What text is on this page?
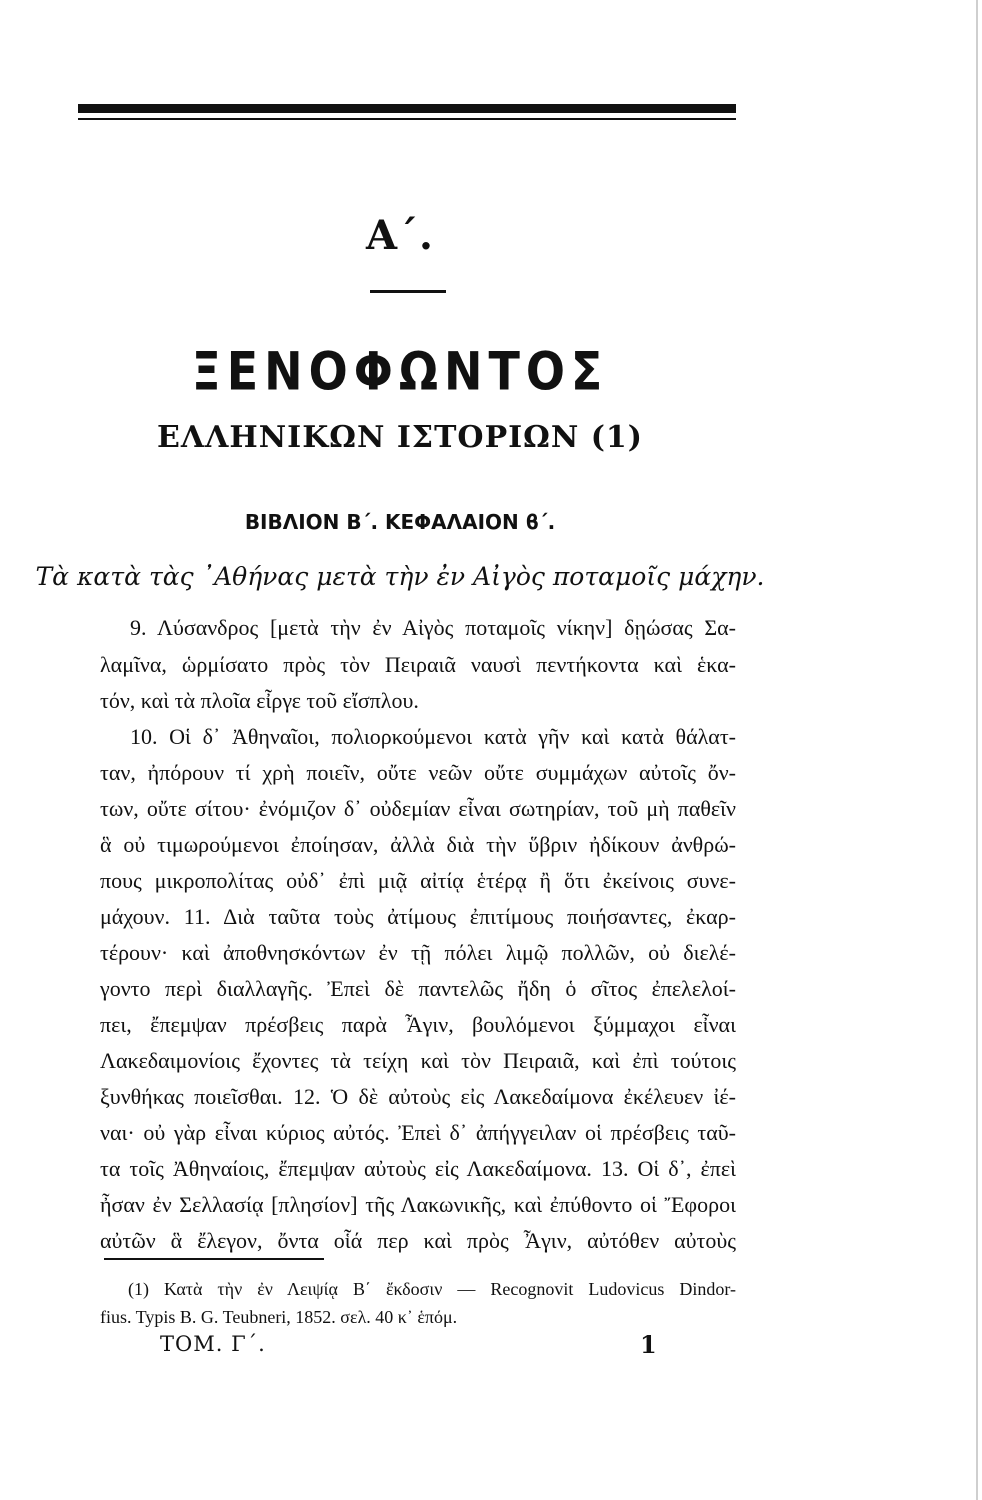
Α΄.
ΞΕΝΟΦΩΝΤΟΣ
ΕΛΛΗΝΙΚΩΝ ΙΣΤΟΡΙΩΝ (1)
ΒΙΒΛΙΟΝ Β΄. ΚΕΦΑΛΑΙΟΝ ϐ΄.
Τὰ κατὰ τὰς ᾿Αθήνας μετὰ τὴν ἐν Αἰγὸς ποταμοῖς μάχην.
9. Λύσανδρος [μετὰ τὴν ἐν Αἰγὸς ποταμοῖς νίκην] δῃώσας Σα-
λαμῖνα, ὡρμίσατο πρὸς τὸν Πειραιᾶ ναυσὶ πεντήκοντα καὶ ἑκα-
τόν, καὶ τὰ πλοῖα εἶργε τοῦ εἴσπλου.
10. Οἱ δ᾿ Ἀθηναῖοι, πολιορκούμενοι κατὰ γῆν καὶ κατὰ θάλατ-
ταν, ἠπόρουν τί χρὴ ποιεῖν, οὔτε νεῶν οὔτε συμμάχων αὐτοῖς ὄν-
των, οὔτε σίτου· ἐνόμιζον δ᾿ οὐδεμίαν εἶναι σωτηρίαν, τοῦ μὴ παθεῖν
ἃ οὐ τιμωρούμενοι ἐποίησαν, ἀλλὰ διὰ τὴν ὕβριν ἠδίκουν ἀνθρώ-
πους μικροπολίτας οὐδ᾿ ἐπὶ μιᾷ αἰτίᾳ ἑτέρᾳ ἢ ὅτι ἐκείνοις συνε-
μάχουν. 11. Διὰ ταῦτα τοὺς ἀτίμους ἐπιτίμους ποιήσαντες, ἐκαρ-
τέρουν· καὶ ἀποθνησκόντων ἐν τῇ πόλει λιμῷ πολλῶν, οὐ διελέ-
γοντο περὶ διαλλαγῆς. Ἐπεὶ δὲ παντελῶς ἤδη ὁ σῖτος ἐπελελοί-
πει, ἔπεμψαν πρέσβεις παρὰ Ἆγιν, βουλόμενοι ξύμμαχοι εἶναι
Λακεδαιμονίοις ἔχοντες τὰ τείχη καὶ τὸν Πειραιᾶ, καὶ ἐπὶ τούτοις
ξυνθήκας ποιεῖσθαι. 12. Ὁ δὲ αὐτοὺς εἰς Λακεδαίμονα ἐκέλευεν ἰέ-
ναι· οὐ γὰρ εἶναι κύριος αὐτός. Ἐπεὶ δ᾿ ἀπήγγειλαν οἱ πρέσβεις ταῦ-
τα τοῖς Ἀθηναίοις, ἔπεμψαν αὐτοὺς εἰς Λακεδαίμονα. 13. Οἱ δ᾿, ἐπεὶ
ἦσαν ἐν Σελλασίᾳ [πλησίον] τῆς Λακωνικῆς, καὶ ἐπύθοντο οἱ Ἔφοροι
αὐτῶν ἃ ἔλεγον, ὄντα οἷά περ καὶ πρὸς Ἆγιν, αὐτόθεν αὐτοὺς
(1) Κατὰ τὴν ἐν Λειψίᾳ Β΄ ἔκδοσιν — Recognovit Ludovicus Dindor-
fius. Typis B. G. Teubneri, 1852. σελ. 40 κ᾿ ἑπόμ.
ΤΟΜ. Γ΄.	1
